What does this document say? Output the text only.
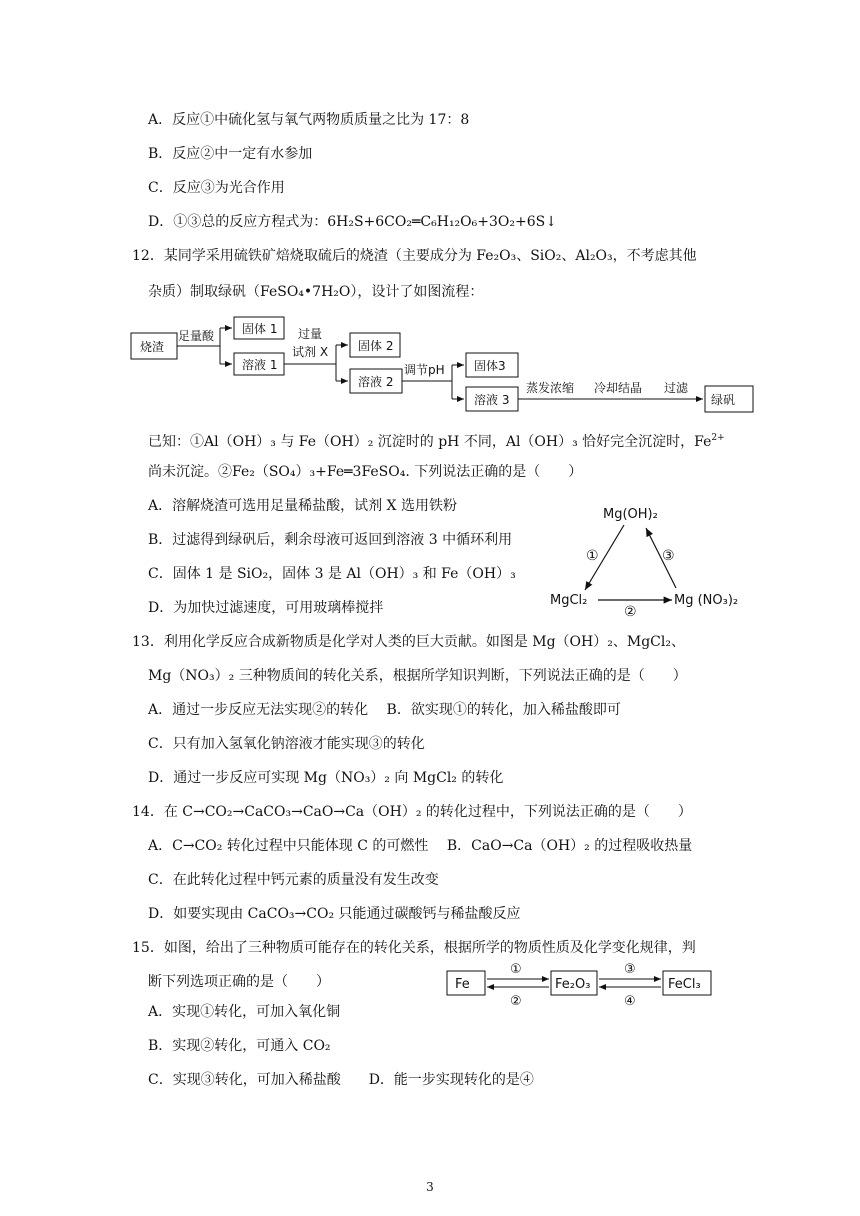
A．反应①中硫化氢与氧气两物质质量之比为 17：8
B．反应②中一定有水参加
C．反应③为光合作用
D．①③总的反应方程式为：6H₂S+6CO₂═C₆H₁₂O₆+3O₂+6S↓
12．某同学采用硫铁矿焙烧取硫后的烧渣（主要成分为 Fe₂O₃、SiO₂、Al₂O₃，不考虑其他
杂质）制取绿矾（FeSO₄•7H₂O），设计了如图流程：
烧渣
足量酸 固体 1
溶液 1
过量
试剂 X 固体 2
溶液 2
调节pH 固体3
溶液 3
蒸发浓缩 冷却结晶 过滤
绿矾
已知：①Al（OH）₃ 与 Fe（OH）₂ 沉淀时的 pH 不同，Al（OH）₃ 恰好完全沉淀时，$Fe^{2+}$
尚未沉淀。②Fe₂（SO₄）₃+Fe═3FeSO₄. 下列说法正确的是（　　）
A．溶解烧渣可选用足量稀盐酸，试剂 X 选用铁粉
B．过滤得到绿矾后，剩余母液可返回到溶液 3 中循环利用
C．固体 1 是 SiO₂，固体 3 是 Al（OH）₃ 和 Fe（OH）₃
D．为加快过滤速度，可用玻璃棒搅拌
Mg(OH)₂
MgCl₂	Mg (NO₃)₂
①
②
③
13．利用化学反应合成新物质是化学对人类的巨大贡献。如图是 Mg（OH）₂、MgCl₂、
Mg（NO₃）₂ 三种物质间的转化关系，根据所学知识判断，下列说法正确的是（　　）
A．通过一步反应无法实现②的转化　 B．欲实现①的转化，加入稀盐酸即可
C．只有加入氢氧化钠溶液才能实现③的转化
D．通过一步反应可实现 Mg（NO₃）₂ 向 MgCl₂ 的转化
14．在 C→CO₂→CaCO₃→CaO→Ca（OH）₂ 的转化过程中，下列说法正确的是（　　）
A．C→CO₂ 转化过程中只能体现 C 的可燃性　 B．CaO→Ca（OH）₂ 的过程吸收热量
C．在此转化过程中钙元素的质量没有发生改变
D．如要实现由 CaCO₃→CO₂ 只能通过碳酸钙与稀盐酸反应
15．如图，给出了三种物质可能存在的转化关系，根据所学的物质性质及化学变化规律，判
断下列选项正确的是（　　）	Fe	Fe₂O₃	FeCl₃
①
②
③
④
A．实现①转化，可加入氧化铜
B．实现②转化，可通入 CO₂
C．实现③转化，可加入稀盐酸　　D．能一步实现转化的是④
3
